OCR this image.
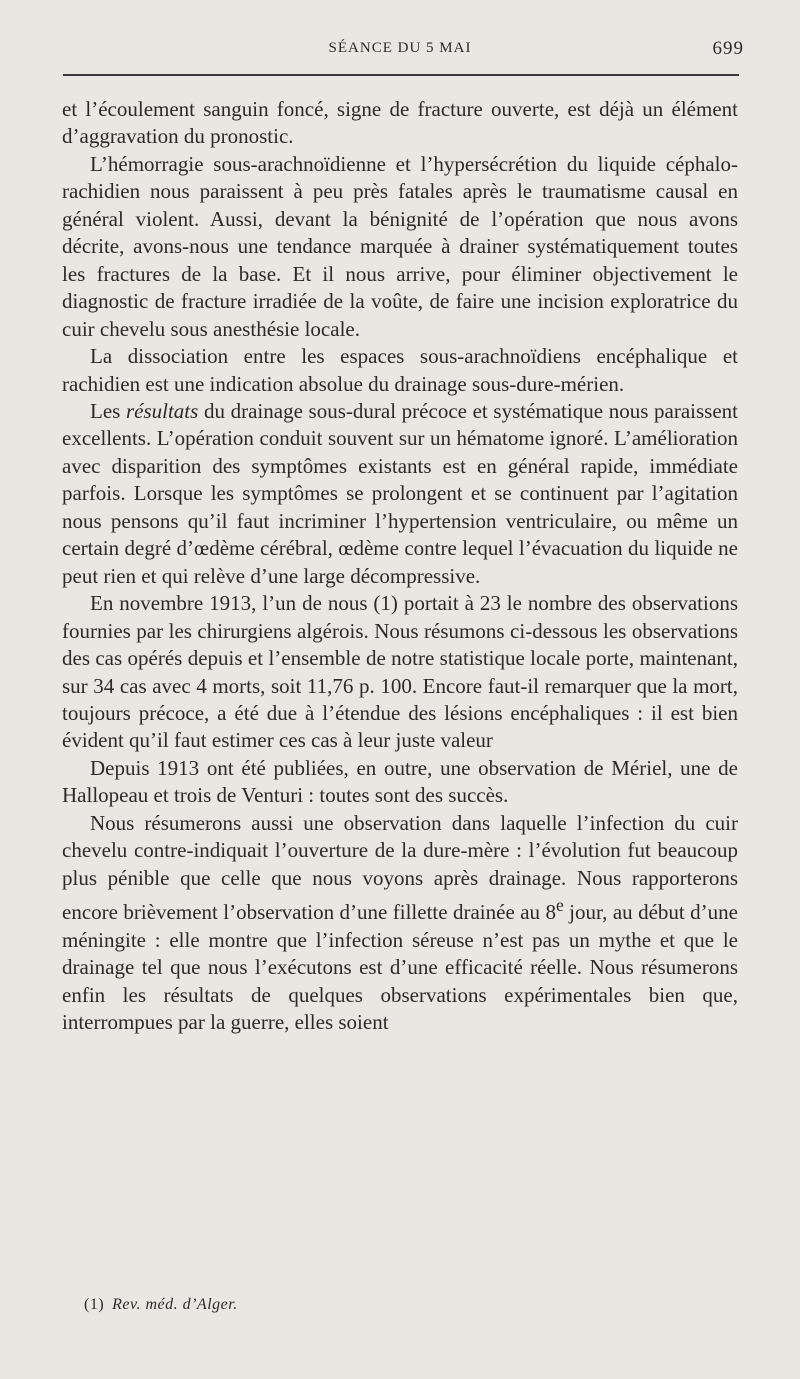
SÉANCE DU 5 MAI	699

et l’écoulement sanguin foncé, signe de fracture ouverte, est déjà un élément d’aggravation du pronostic.

L’hémorragie sous-arachnoïdienne et l’hypersécrétion du liquide céphalo-rachidien nous paraissent à peu près fatales après le traumatisme causal en général violent. Aussi, devant la bénignité de l’opération que nous avons décrite, avons-nous une tendance marquée à drainer systématiquement toutes les fractures de la base. Et il nous arrive, pour éliminer objectivement le diagnostic de fracture irradiée de la voûte, de faire une incision exploratrice du cuir chevelu sous anesthésie locale.

La dissociation entre les espaces sous-arachnoïdiens encéphalique et rachidien est une indication absolue du drainage sous-dure-mérien.

Les résultats du drainage sous-dural précoce et systématique nous paraissent excellents. L’opération conduit souvent sur un hématome ignoré. L’amélioration avec disparition des symptômes existants est en général rapide, immédiate parfois. Lorsque les symptômes se prolongent et se continuent par l’agitation nous pensons qu’il faut incriminer l’hypertension ventriculaire, ou même un certain degré d’œdème cérébral, œdème contre lequel l’évacuation du liquide ne peut rien et qui relève d’une large décompressive.

En novembre 1913, l’un de nous (1) portait à 23 le nombre des observations fournies par les chirurgiens algérois. Nous résumons ci-dessous les observations des cas opérés depuis et l’ensemble de notre statistique locale porte, maintenant, sur 34 cas avec 4 morts, soit 11,76 p. 100. Encore faut-il remarquer que la mort, toujours précoce, a été due à l’étendue des lésions encéphaliques : il est bien évident qu’il faut estimer ces cas à leur juste valeur

Depuis 1913 ont été publiées, en outre, une observation de Mériel, une de Hallopeau et trois de Venturi : toutes sont des succès.

Nous résumerons aussi une observation dans laquelle l’infection du cuir chevelu contre-indiquait l’ouverture de la dure-mère : l’évolution fut beaucoup plus pénible que celle que nous voyons après drainage. Nous rapporterons encore brièvement l’observation d’une fillette drainée au 8e jour, au début d’une méningite : elle montre que l’infection séreuse n’est pas un mythe et que le drainage tel que nous l’exécutons est d’une efficacité réelle. Nous résumerons enfin les résultats de quelques observations expérimentales bien que, interrompues par la guerre, elles soient

(1) Rev. méd. d’Alger.
